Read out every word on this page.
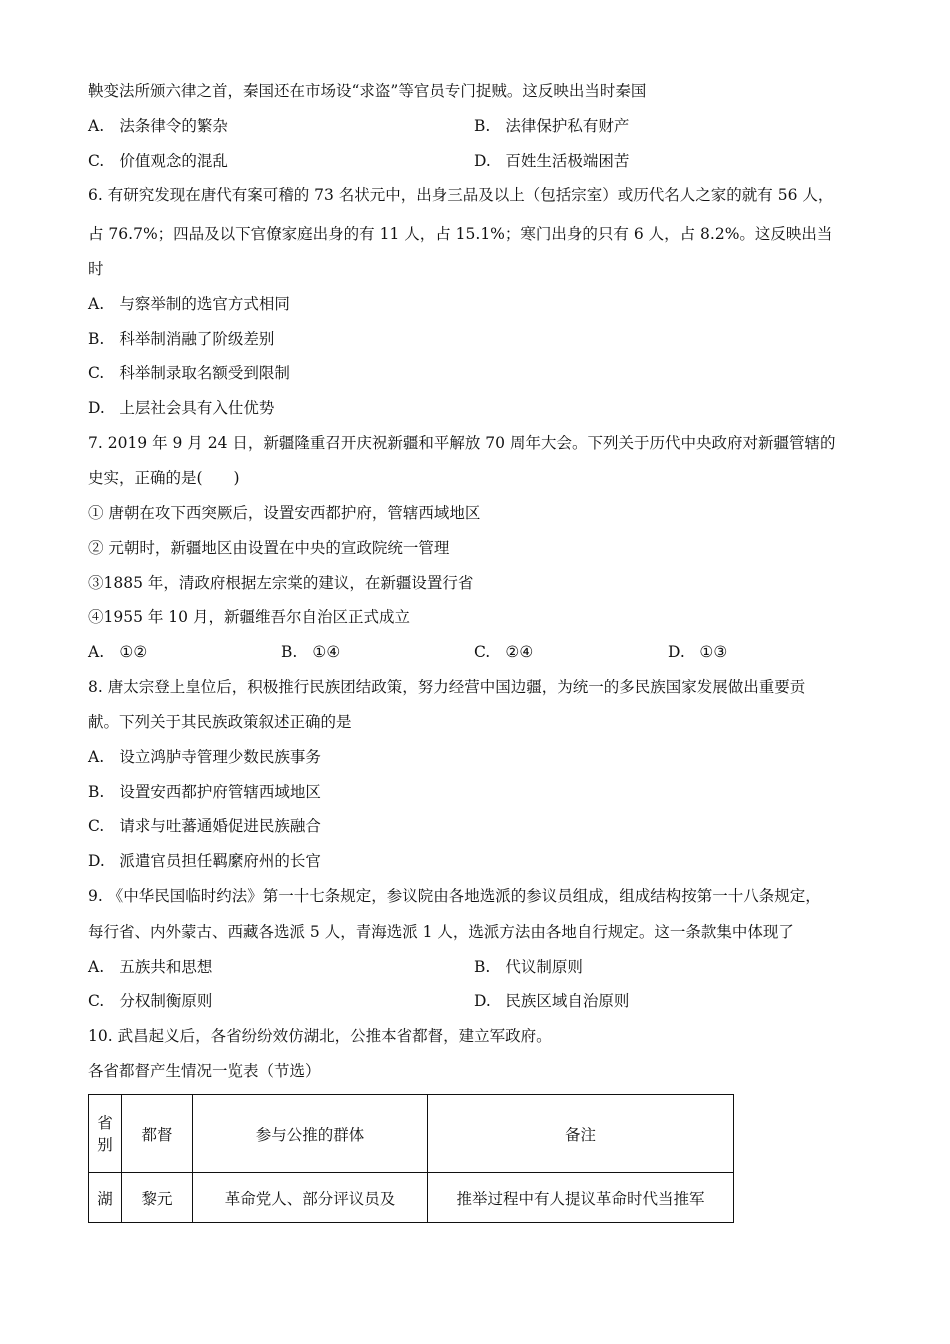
鞅变法所颁六律之首，秦国还在市场设“求盗”等官员专门捉贼。这反映出当时秦国
A. 法条律令的繁杂	B. 法律保护私有财产
C. 价值观念的混乱	D. 百姓生活极端困苦
6. 有研究发现在唐代有案可稽的 73 名状元中，出身三品及以上（包括宗室）或历代名人之家的就有 56 人，
占 76.7%；四品及以下官僚家庭出身的有 11 人，占 15.1%；寒门出身的只有 6 人，占 8.2%。这反映出当
时
A. 与察举制的选官方式相同
B. 科举制消融了阶级差别
C. 科举制录取名额受到限制
D. 上层社会具有入仕优势
7. 2019 年 9 月 24 日，新疆隆重召开庆祝新疆和平解放 70 周年大会。下列关于历代中央政府对新疆管辖的
史实，正确的是(　　)
① 唐朝在攻下西突厥后，设置安西都护府，管辖西域地区
② 元朝时，新疆地区由设置在中央的宣政院统一管理
③1885 年，清政府根据左宗棠的建议，在新疆设置行省
④1955 年 10 月，新疆维吾尔自治区正式成立
A. ①②	B. ①④	C. ②④	D. ①③
8. 唐太宗登上皇位后，积极推行民族团结政策，努力经营中国边疆，为统一的多民族国家发展做出重要贡
献。下列关于其民族政策叙述正确的是
A. 设立鸿胪寺管理少数民族事务
B. 设置安西都护府管辖西域地区
C. 请求与吐蕃通婚促进民族融合
D. 派遣官员担任羁縻府州的长官
9. 《中华民国临时约法》第一十七条规定，参议院由各地选派的参议员组成，组成结构按第一十八条规定，
每行省、内外蒙古、西藏各选派 5 人，青海选派 1 人，选派方法由各地自行规定。这一条款集中体现了
A. 五族共和思想	B. 代议制原则
C. 分权制衡原则	D. 民族区域自治原则
10. 武昌起义后，各省纷纷效仿湖北，公推本省都督，建立军政府。
各省都督产生情况一览表（节选）
省
别	都督	参与公推的群体	备注
湖	黎元	革命党人、部分评议员及	推举过程中有人提议革命时代当推军
